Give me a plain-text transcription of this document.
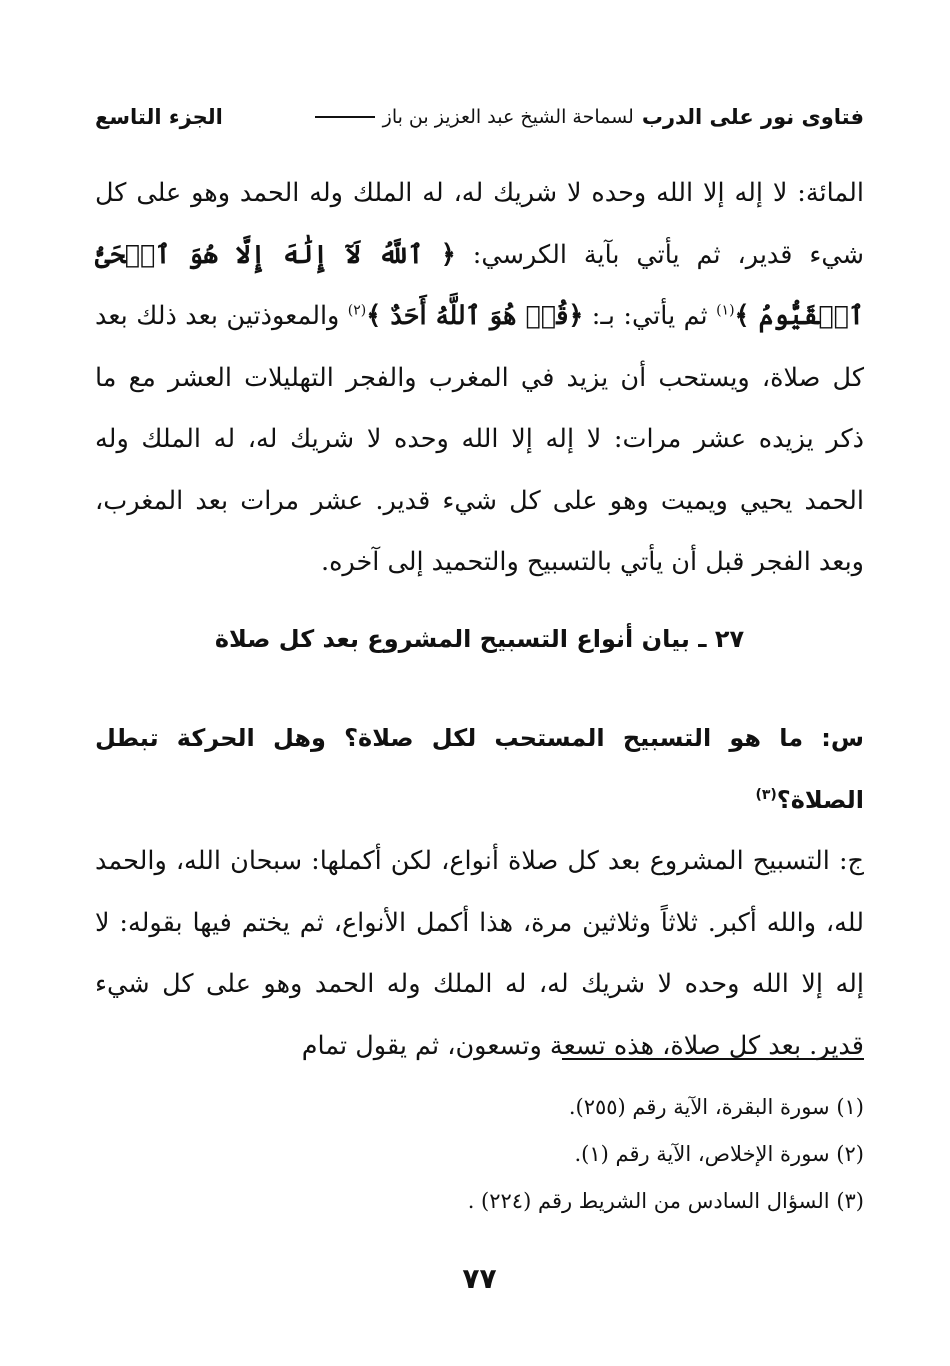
فتاوى نور على الدرب
لسماحة الشيخ عبد العزيز بن باز
الجزء التاسع

المائة: لا إله إلا الله وحده لا شريك له، له الملك وله الحمد وهو على كل شيء قدير، ثم يأتي بآية الكرسي: ﴿ ٱللَّهُ لَآ إِلَٰهَ إِلَّا هُوَ ٱلۡحَىُّ ٱلۡقَيُّومُ ﴾$^{(١)}$ ثم يأتي: بـ: ﴿قُلۡ هُوَ ٱللَّهُ أَحَدٌ ﴾$^{(٢)}$ والمعوذتين بعد ذلك بعد كل صلاة، ويستحب أن يزيد في المغرب والفجر التهليلات العشر مع ما ذكر يزيده عشر مرات: لا إله إلا الله وحده لا شريك له، له الملك وله الحمد يحيي ويميت وهو على كل شيء قدير. عشر مرات بعد المغرب، وبعد الفجر قبل أن يأتي بالتسبيح والتحميد إلى آخره.

٢٧ ـ بيان أنواع التسبيح المشروع بعد كل صلاة

س: ما هو التسبيح المستحب لكل صلاة؟ وهل الحركة تبطل الصلاة؟$^{(٣)}$

ج: التسبيح المشروع بعد كل صلاة أنواع، لكن أكملها: سبحان الله، والحمد لله، والله أكبر. ثلاثاً وثلاثين مرة، هذا أكمل الأنواع، ثم يختم فيها بقوله: لا إله إلا الله وحده لا شريك له، له الملك وله الحمد وهو على كل شيء قدير. بعد كل صلاة، هذه تسعة وتسعون، ثم يقول تمام

(١) سورة البقرة، الآية رقم (٢٥٥).

(٢) سورة الإخلاص، الآية رقم (١).

(٣) السؤال السادس من الشريط رقم (٢٢٤) .

٧٧
